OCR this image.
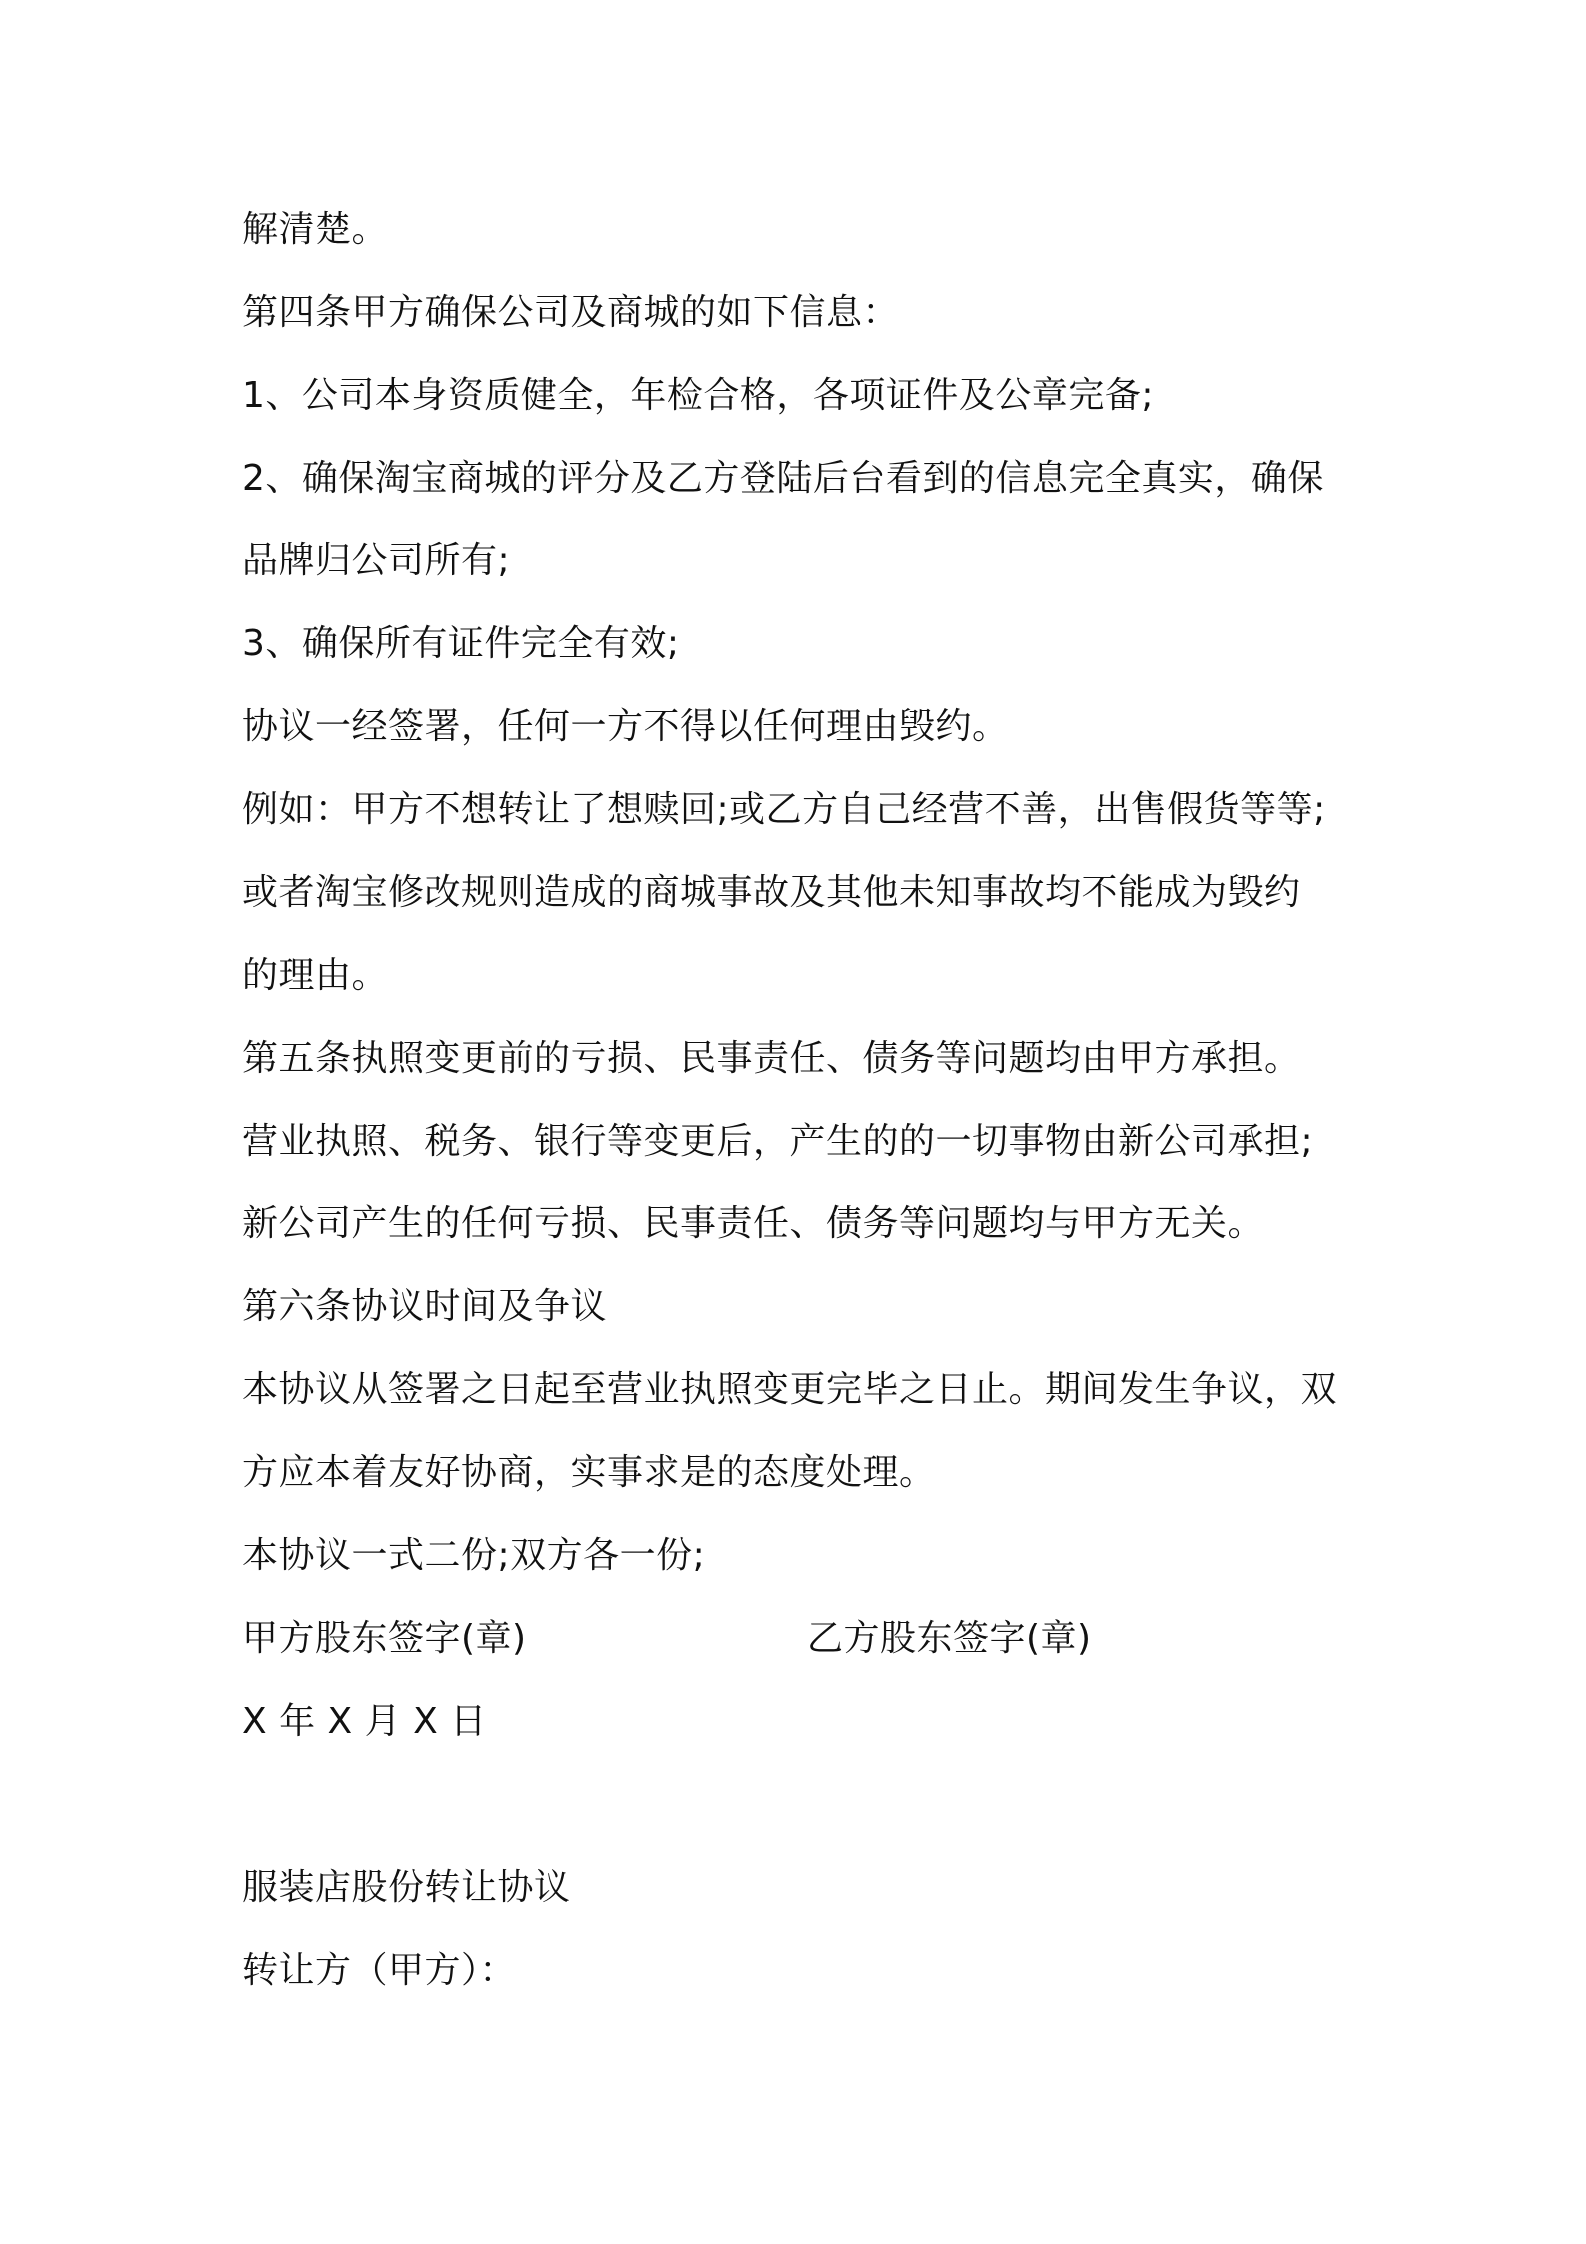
解清楚。
第四条甲方确保公司及商城的如下信息：
1、公司本身资质健全，年检合格，各项证件及公章完备;
2、确保淘宝商城的评分及乙方登陆后台看到的信息完全真实，确保
品牌归公司所有;
3、确保所有证件完全有效;
协议一经签署，任何一方不得以任何理由毁约。
例如：甲方不想转让了想赎回;或乙方自己经营不善，出售假货等等;
或者淘宝修改规则造成的商城事故及其他未知事故均不能成为毁约
的理由。
第五条执照变更前的亏损、民事责任、债务等问题均由甲方承担。
营业执照、税务、银行等变更后，产生的的一切事物由新公司承担;
新公司产生的任何亏损、民事责任、债务等问题均与甲方无关。
第六条协议时间及争议
本协议从签署之日起至营业执照变更完毕之日止。期间发生争议，双
方应本着友好协商，实事求是的态度处理。
本协议一式二份;双方各一份;
甲方股东签字(章)	乙方股东签字(章)
X 年 X 月 X 日
服装店股份转让协议
转让方（甲方）：
